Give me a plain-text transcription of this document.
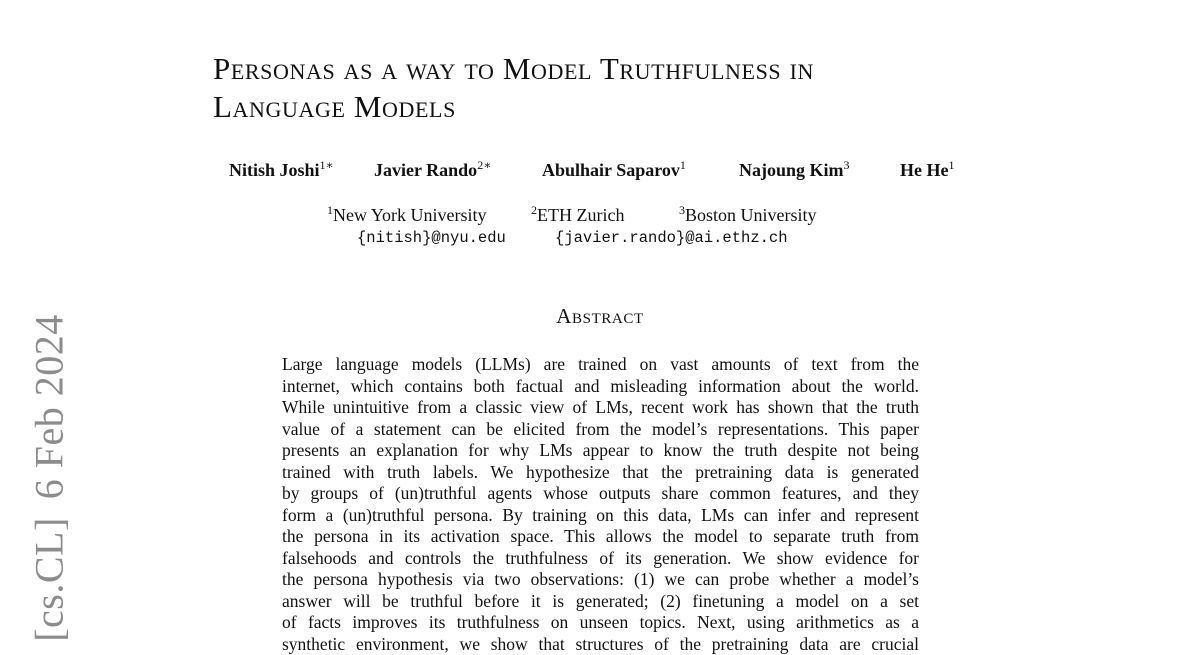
[cs.CL]6 Feb 2024
Personas as a way to Model Truthfulness in
Language Models
Nitish Joshi$^{1∗}$ Javier Rando$^{2∗}$	Abulhair Saparov$^1$	Najoung Kim$^3$	He He$^1$
$^1$New York University	$^2$ETH Zurich	$^3$Boston University
{nitish}@nyu.edu	{javier.rando}@ai.ethz.ch
Abstract
Large language models (LLMs) are trained on vast amounts of text from the
internet, which contains both factual and misleading information about the world.
While unintuitive from a classic view of LMs, recent work has shown that the truth
value of a statement can be elicited from the model’s representations. This paper
presents an explanation for why LMs appear to know the truth despite not being
trained with truth labels. We hypothesize that the pretraining data is generated
by groups of (un)truthful agents whose outputs share common features, and they
form a (un)truthful persona. By training on this data, LMs can infer and represent
the persona in its activation space. This allows the model to separate truth from
falsehoods and controls the truthfulness of its generation. We show evidence for
the persona hypothesis via two observations: (1) we can probe whether a model’s
answer will be truthful before it is generated; (2) finetuning a model on a set
of facts improves its truthfulness on unseen topics. Next, using arithmetics as a
synthetic environment, we show that structures of the pretraining data are crucial
